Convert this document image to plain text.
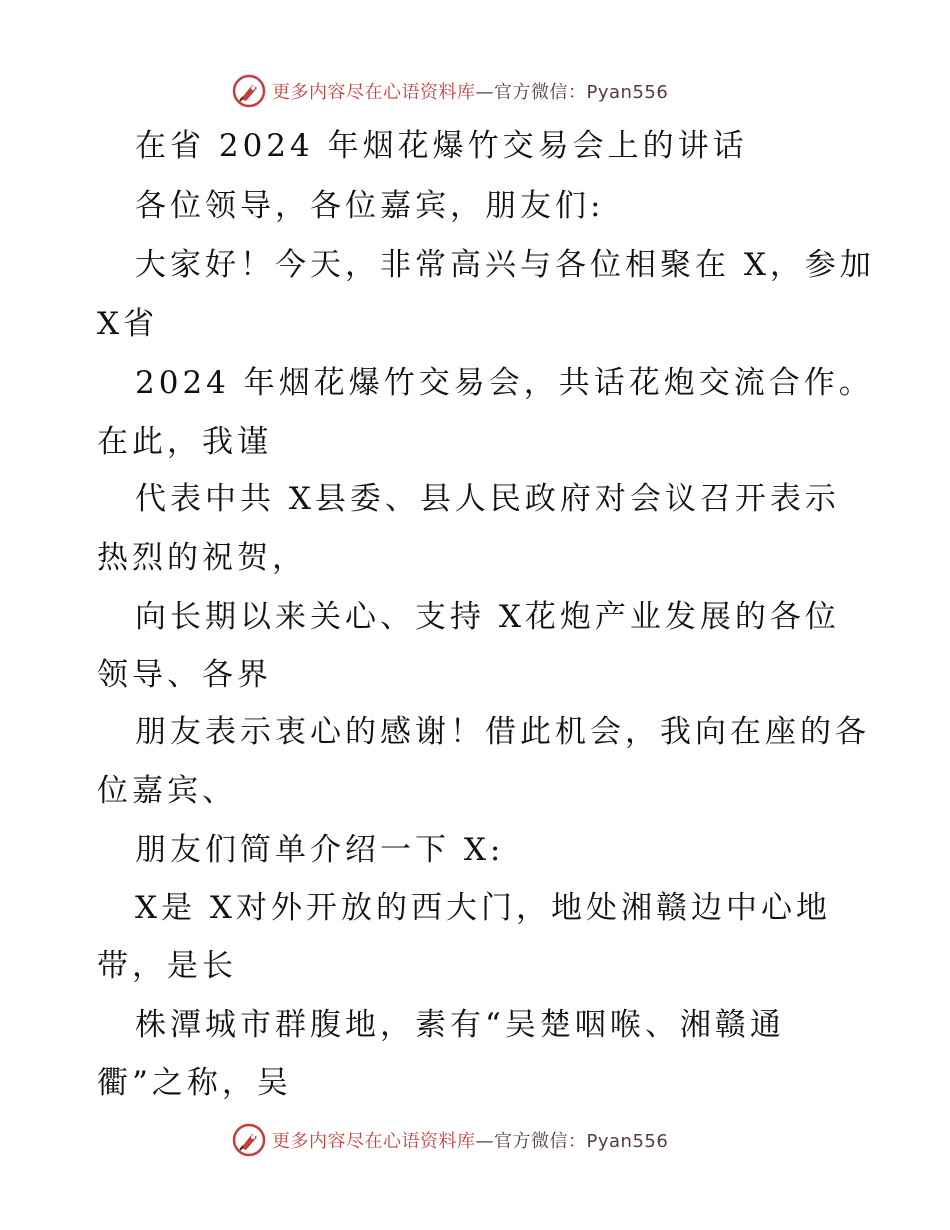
更多内容尽在心语资料库—官方微信：Pyan556
在省 2024 年烟花爆竹交易会上的讲话
各位领导，各位嘉宾，朋友们:
大家好！今天，非常高兴与各位相聚在 X，参加
X省
2024 年烟花爆竹交易会，共话花炮交流合作。
在此，我谨
代表中共 X县委、县人民政府对会议召开表示
热烈的祝贺，
向长期以来关心、支持 X花炮产业发展的各位
领导、各界
朋友表示衷心的感谢！借此机会，我向在座的各
位嘉宾、
朋友们简单介绍一下 X:
X是 X对外开放的西大门，地处湘赣边中心地
带，是长
株潭城市群腹地，素有“吴楚咽喉、湘赣通
衢”之称，吴
更多内容尽在心语资料库—官方微信：Pyan556
